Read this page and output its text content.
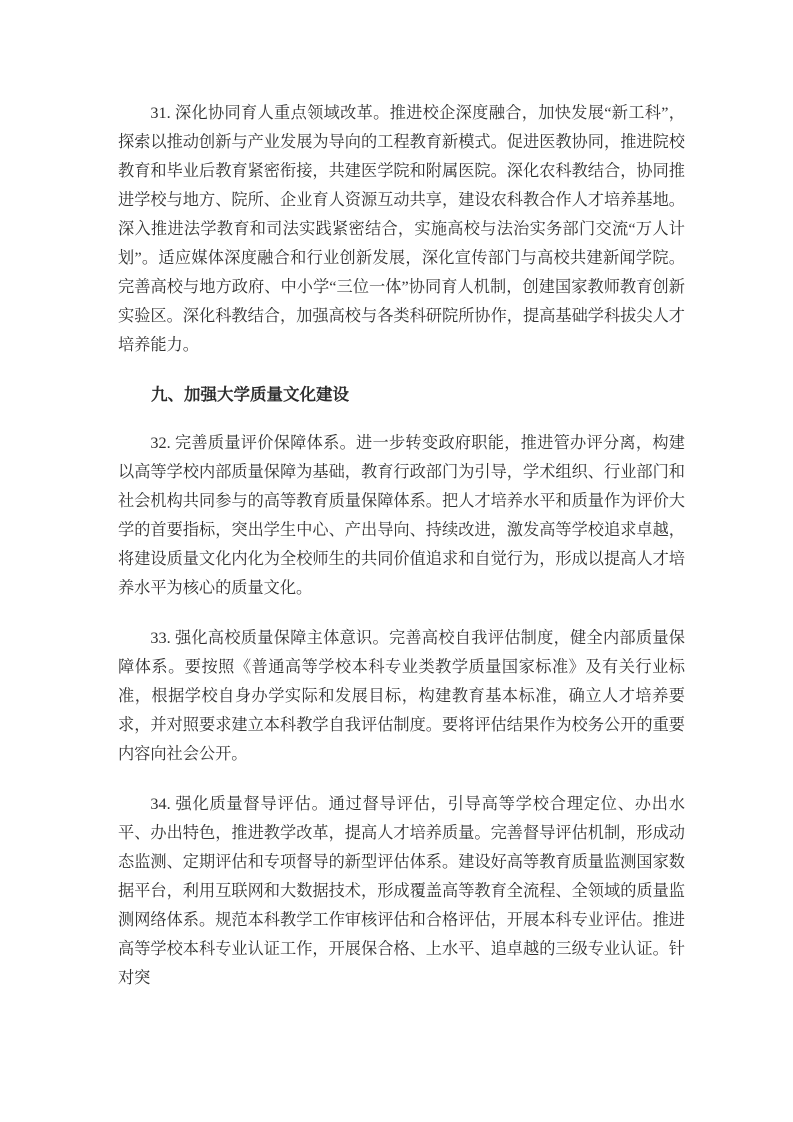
31. 深化协同育人重点领域改革。推进校企深度融合，加快发展“新工科”，探索以推动创新与产业发展为导向的工程教育新模式。促进医教协同，推进院校教育和毕业后教育紧密衔接，共建医学院和附属医院。深化农科教结合，协同推进学校与地方、院所、企业育人资源互动共享，建设农科教合作人才培养基地。深入推进法学教育和司法实践紧密结合，实施高校与法治实务部门交流“万人计划”。适应媒体深度融合和行业创新发展，深化宣传部门与高校共建新闻学院。完善高校与地方政府、中小学“三位一体”协同育人机制，创建国家教师教育创新实验区。深化科教结合，加强高校与各类科研院所协作，提高基础学科拔尖人才培养能力。

九、加强大学质量文化建设

32. 完善质量评价保障体系。进一步转变政府职能，推进管办评分离，构建以高等学校内部质量保障为基础，教育行政部门为引导，学术组织、行业部门和社会机构共同参与的高等教育质量保障体系。把人才培养水平和质量作为评价大学的首要指标，突出学生中心、产出导向、持续改进，激发高等学校追求卓越，将建设质量文化内化为全校师生的共同价值追求和自觉行为，形成以提高人才培养水平为核心的质量文化。

33. 强化高校质量保障主体意识。完善高校自我评估制度，健全内部质量保障体系。要按照《普通高等学校本科专业类教学质量国家标准》及有关行业标准，根据学校自身办学实际和发展目标，构建教育基本标准，确立人才培养要求，并对照要求建立本科教学自我评估制度。要将评估结果作为校务公开的重要内容向社会公开。

34. 强化质量督导评估。通过督导评估，引导高等学校合理定位、办出水平、办出特色，推进教学改革，提高人才培养质量。完善督导评估机制，形成动态监测、定期评估和专项督导的新型评估体系。建设好高等教育质量监测国家数据平台，利用互联网和大数据技术，形成覆盖高等教育全流程、全领域的质量监测网络体系。规范本科教学工作审核评估和合格评估，开展本科专业评估。推进高等学校本科专业认证工作，开展保合格、上水平、追卓越的三级专业认证。针对突
